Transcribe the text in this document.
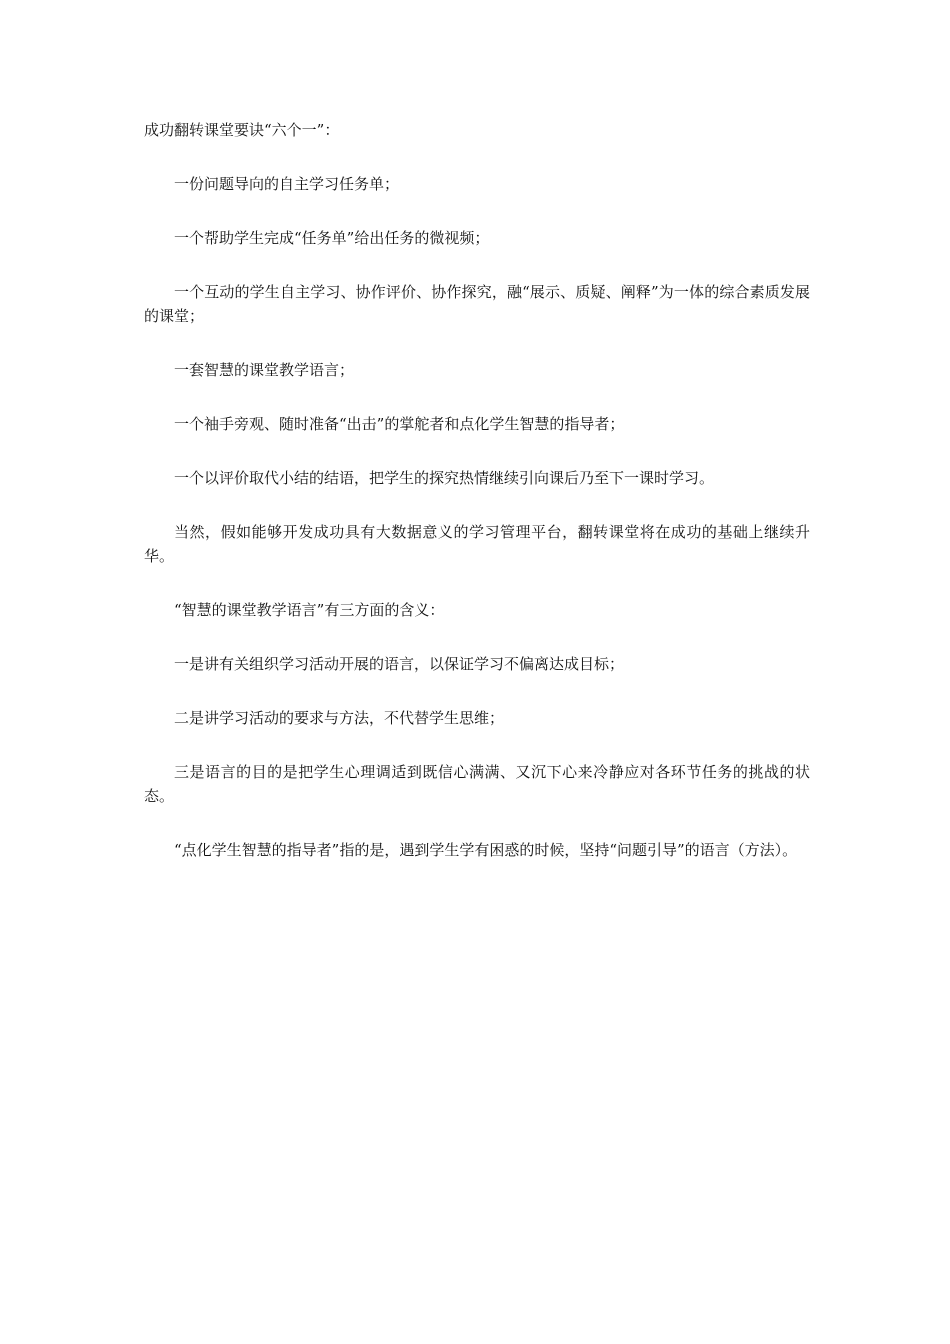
成功翻转课堂要诀“六个一”：

一份问题导向的自主学习任务单；

一个帮助学生完成“任务单”给出任务的微视频；

一个互动的学生自主学习、协作评价、协作探究，融“展示、质疑、阐释”为一体的综合素质发展的课堂；

一套智慧的课堂教学语言；

一个袖手旁观、随时准备“出击”的掌舵者和点化学生智慧的指导者；

一个以评价取代小结的结语，把学生的探究热情继续引向课后乃至下一课时学习。

当然，假如能够开发成功具有大数据意义的学习管理平台，翻转课堂将在成功的基础上继续升华。

“智慧的课堂教学语言”有三方面的含义：

一是讲有关组织学习活动开展的语言，以保证学习不偏离达成目标；

二是讲学习活动的要求与方法，不代替学生思维；

三是语言的目的是把学生心理调适到既信心满满、又沉下心来冷静应对各环节任务的挑战的状态。

“点化学生智慧的指导者”指的是，遇到学生学有困惑的时候，坚持“问题引导”的语言（方法）。
